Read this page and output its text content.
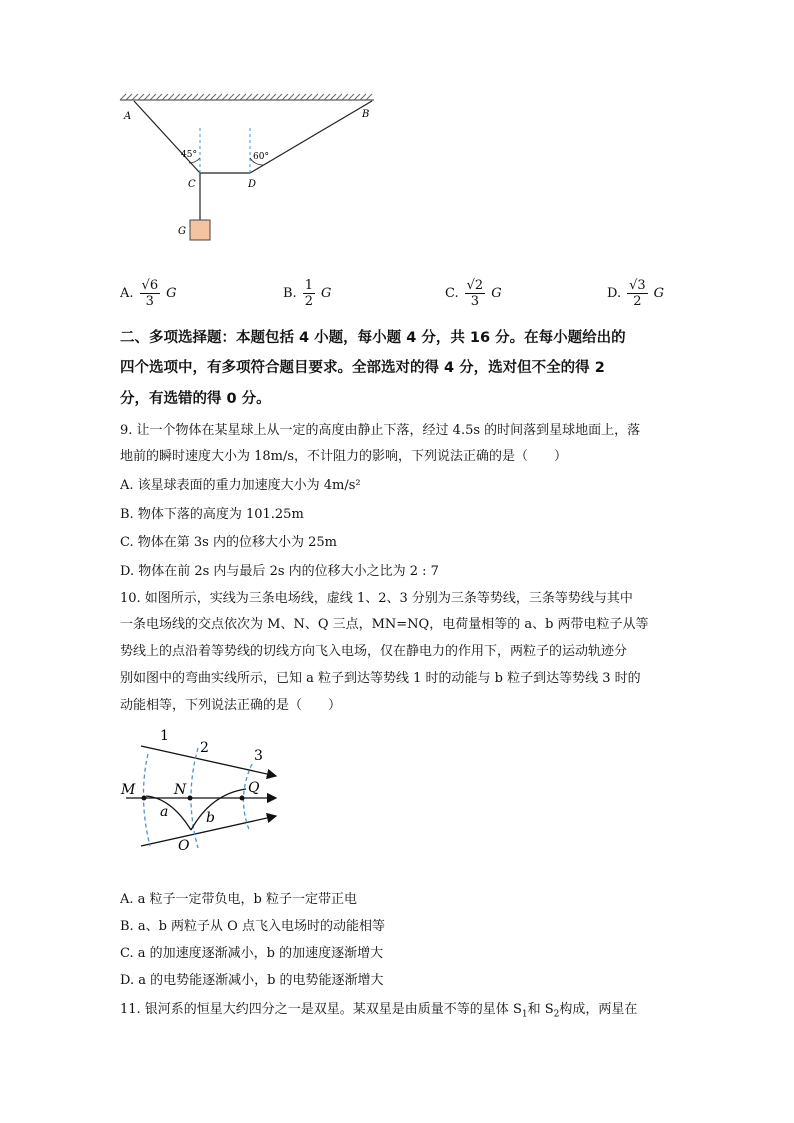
A	B
C	D
G
45°	60°
A. $\frac{√6}{3}$ G	B. $\frac{1}{2}$ G	C. $\frac{√2}{3}$ G	D. $\frac{√3}{2}$ G
二、多项选择题：本题包括 4 小题，每小题 4 分，共 16 分。在每小题给出的
四个选项中，有多项符合题目要求。全部选对的得 4 分，选对但不全的得 2
分，有选错的得 0 分。
9. 让一个物体在某星球上从一定的高度由静止下落，经过 4.5s 的时间落到星球地面上，落
地前的瞬时速度大小为 18m/s，不计阻力的影响，下列说法正确的是（　　）
A. 该星球表面的重力加速度大小为 4m/s²
B. 物体下落的高度为 101.25m
C. 物体在第 3s 内的位移大小为 25m
D. 物体在前 2s 内与最后 2s 内的位移大小之比为 2 : 7
10. 如图所示，实线为三条电场线，虚线 1、2、3 分别为三条等势线，三条等势线与其中
一条电场线的交点依次为 M、N、Q 三点，MN=NQ，电荷量相等的 a、b 两带电粒子从等
势线上的点沿着等势线的切线方向飞入电场，仅在静电力的作用下，两粒子的运动轨迹分
别如图中的弯曲实线所示，已知 a 粒子到达等势线 1 时的动能与 b 粒子到达等势线 3 时的
动能相等，下列说法正确的是（　　）
1
2	3
M	N	Q
O
a	b
A. a 粒子一定带负电，b 粒子一定带正电
B. a、b 两粒子从 O 点飞入电场时的动能相等
C. a 的加速度逐渐减小，b 的加速度逐渐增大
D. a 的电势能逐渐减小，b 的电势能逐渐增大
11. 银河系的恒星大约四分之一是双星。某双星是由质量不等的星体 $S_1$和 $S_2$构成，两星在
